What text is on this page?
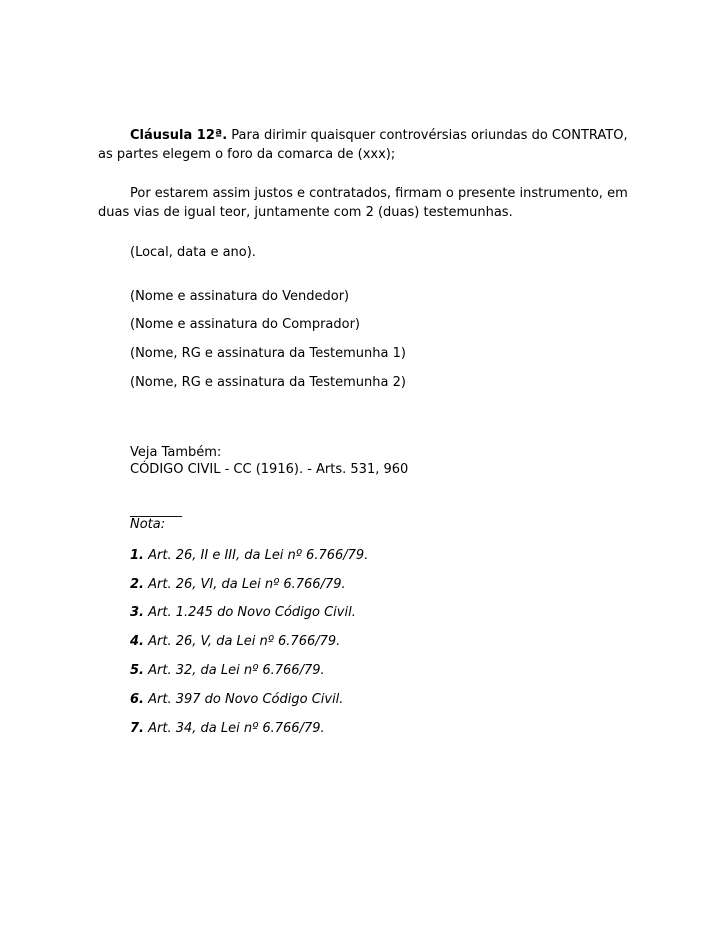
Cláusula 12ª. Para dirimir quaisquer controvérsias oriundas do CONTRATO, as partes elegem o foro da comarca de (xxx);

Por estarem assim justos e contratados, firmam o presente instrumento, em duas vias de igual teor, juntamente com 2 (duas) testemunhas.

(Local, data e ano).

(Nome e assinatura do Vendedor)

(Nome e assinatura do Comprador)

(Nome, RG e assinatura da Testemunha 1)

(Nome, RG e assinatura da Testemunha 2)

Veja Também:

CÓDIGO CIVIL - CC (1916). - Arts. 531, 960

________

Nota:

1. Art. 26, II e III, da Lei nº 6.766/79.

2. Art. 26, VI, da Lei nº 6.766/79.

3. Art. 1.245 do Novo Código Civil.

4. Art. 26, V, da Lei nº 6.766/79.

5. Art. 32, da Lei nº 6.766/79.

6. Art. 397 do Novo Código Civil.

7. Art. 34, da Lei nº 6.766/79.
